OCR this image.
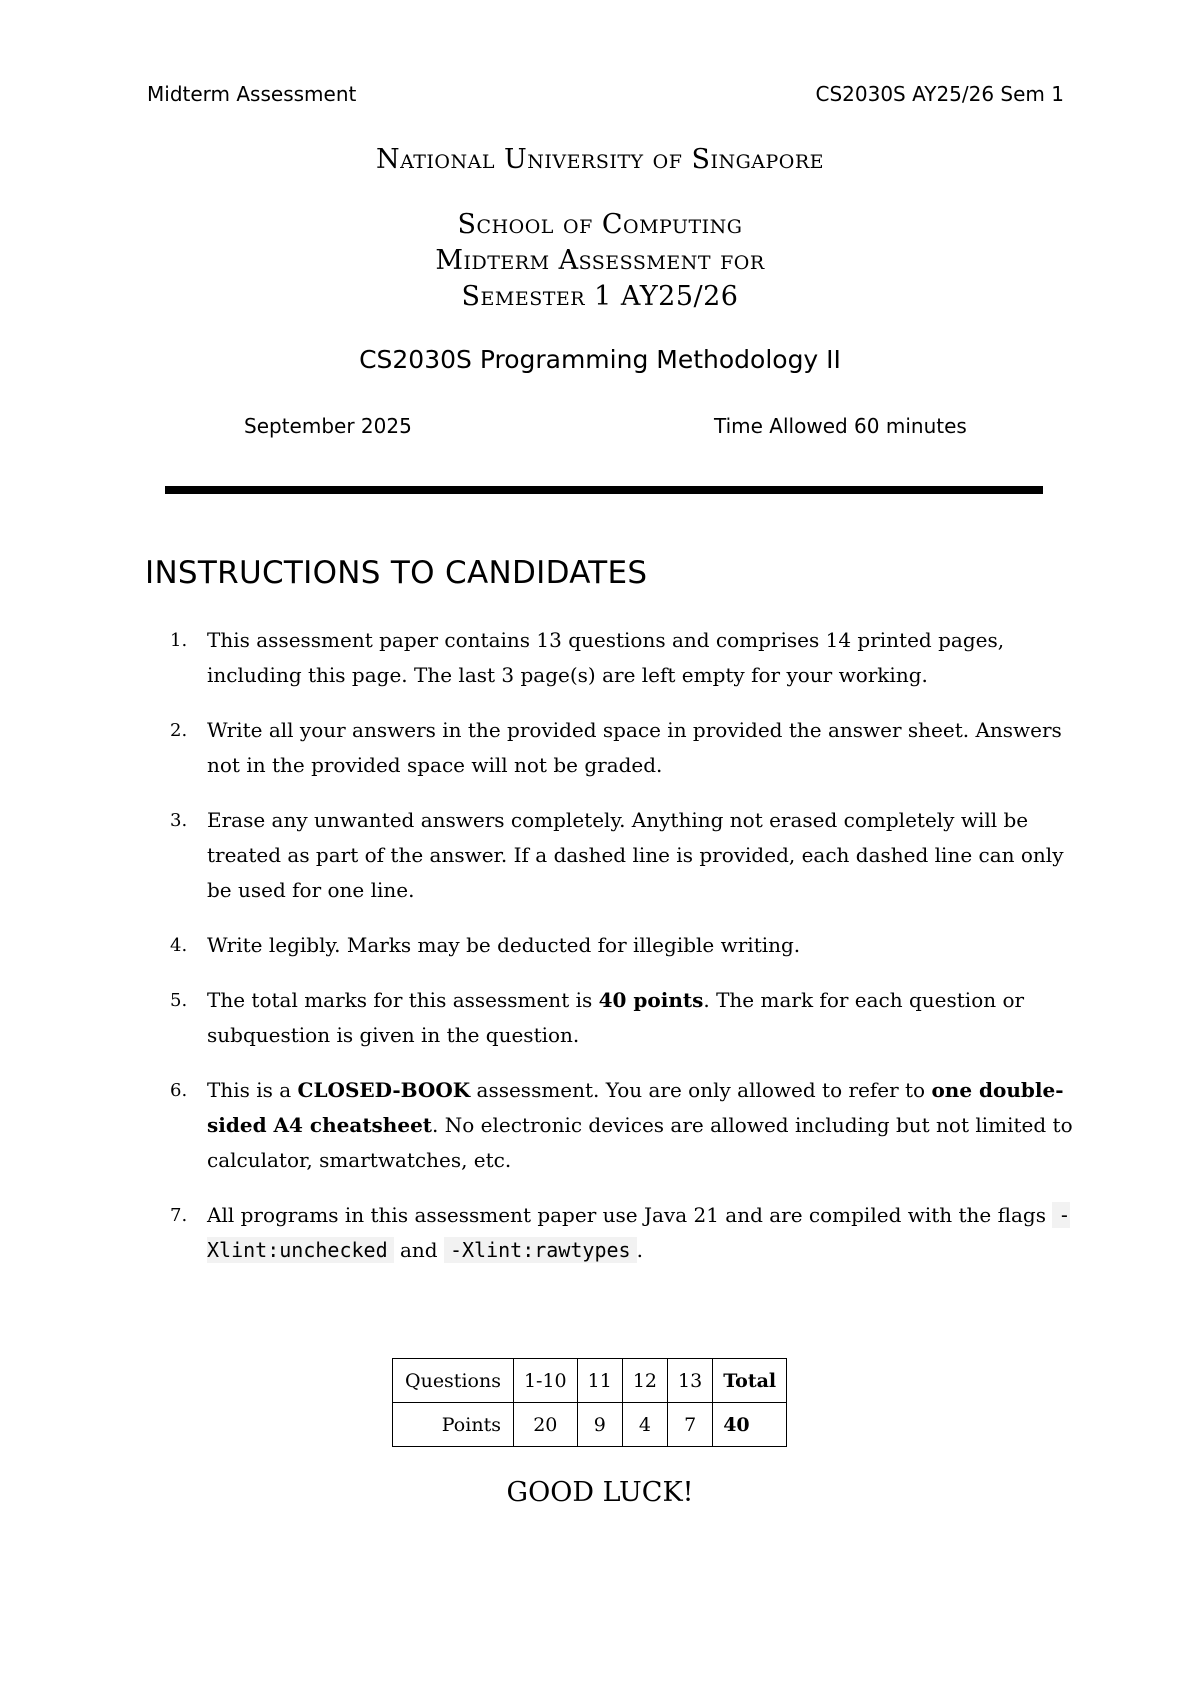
Midterm Assessment	CS2030S AY25/26 Sem 1
National University of Singapore
School of Computing
Midterm Assessment for
Semester 1 AY25/26
CS2030S Programming Methodology II
September 2025	Time Allowed 60 minutes
INSTRUCTIONS TO CANDIDATES
1. This assessment paper contains 13 questions and comprises 14 printed pages, including this page. The last 3 page(s) are left empty for your working.
2. Write all your answers in the provided space in provided the answer sheet. Answers not in the provided space will not be graded.
3. Erase any unwanted answers completely. Anything not erased completely will be treated as part of the answer. If a dashed line is provided, each dashed line can only be used for one line.
4. Write legibly. Marks may be deducted for illegible writing.
5. The total marks for this assessment is 40 points. The mark for each question or subquestion is given in the question.
6. This is a CLOSED-BOOK assessment. You are only allowed to refer to one double-sided A4 cheatsheet. No electronic devices are allowed including but not limited to calculator, smartwatches, etc.
7. All programs in this assessment paper use Java 21 and are compiled with the flags -Xlint:unchecked and -Xlint:rawtypes .
Questions	1-10	11	12	13	Total
Points	20	9	4	7	40
GOOD LUCK!
